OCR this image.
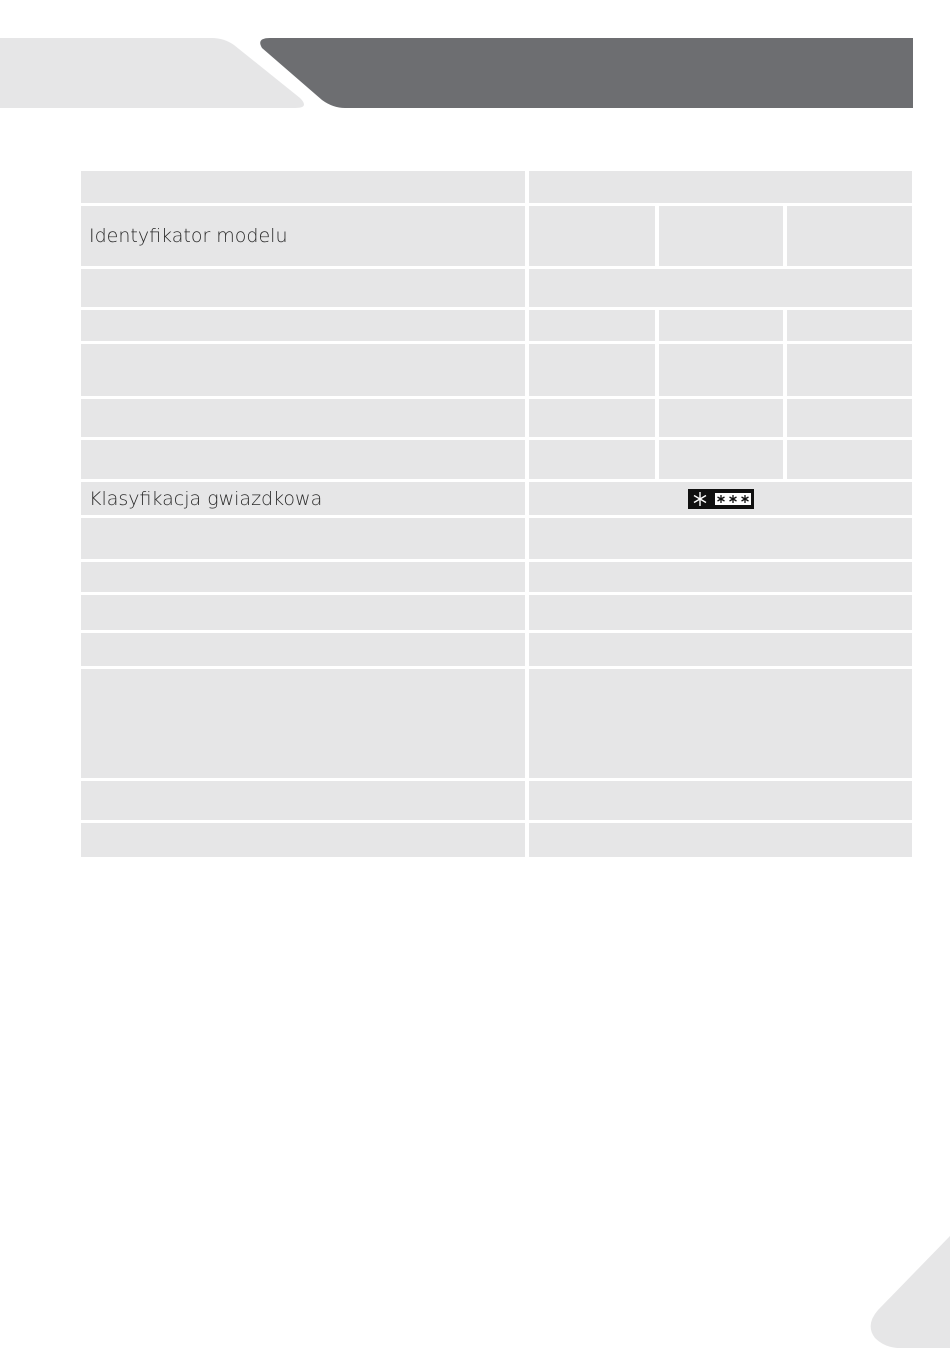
Identyfikator modelu			

Klasyfikacja gwiazdkowa	
